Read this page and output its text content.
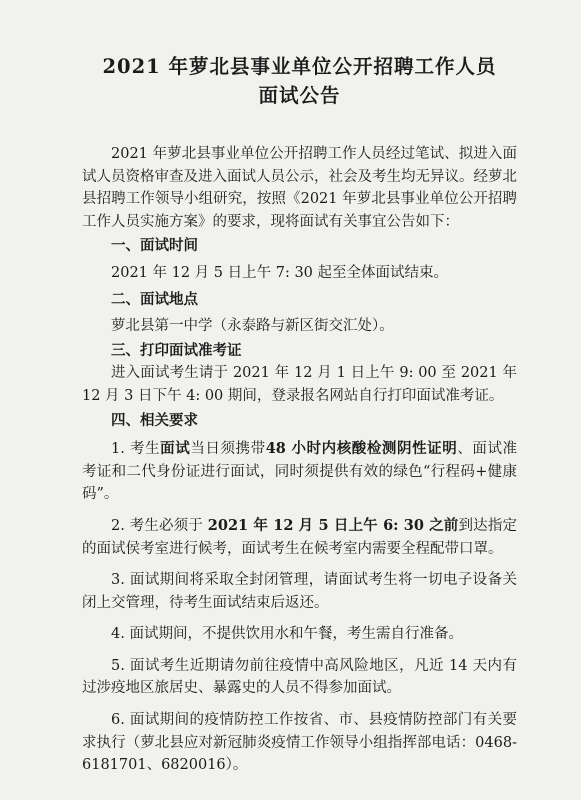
2021 年萝北县事业单位公开招聘工作人员
面试公告

2021 年萝北县事业单位公开招聘工作人员经过笔试、拟进入面试人员资格审查及进入面试人员公示，社会及考生均无异议。经萝北县招聘工作领导小组研究，按照《2021 年萝北县事业单位公开招聘工作人员实施方案》的要求，现将面试有关事宜公告如下：

一、面试时间

2021 年 12 月 5 日上午 7: 30 起至全体面试结束。

二、面试地点

萝北县第一中学（永泰路与新区街交汇处）。

三、打印面试准考证

进入面试考生请于 2021 年 12 月 1 日上午 9: 00 至 2021 年 12 月 3 日下午 4: 00 期间，登录报名网站自行打印面试准考证。

四、相关要求

1. 考生面试当日须携带48 小时内核酸检测阴性证明、面试准考证和二代身份证进行面试，同时须提供有效的绿色“行程码+健康码”。

2. 考生必须于 2021 年 12 月 5 日上午 6: 30 之前到达指定的面试侯考室进行候考，面试考生在候考室内需要全程配带口罩。

3. 面试期间将采取全封闭管理，请面试考生将一切电子设备关闭上交管理，待考生面试结束后返还。

4. 面试期间，不提供饮用水和午餐，考生需自行准备。

5. 面试考生近期请勿前往疫情中高风险地区，凡近 14 天内有过涉疫地区旅居史、暴露史的人员不得参加面试。

6. 面试期间的疫情防控工作按省、市、县疫情防控部门有关要求执行（萝北县应对新冠肺炎疫情工作领导小组指挥部电话：0468-6181701、6820016）。
